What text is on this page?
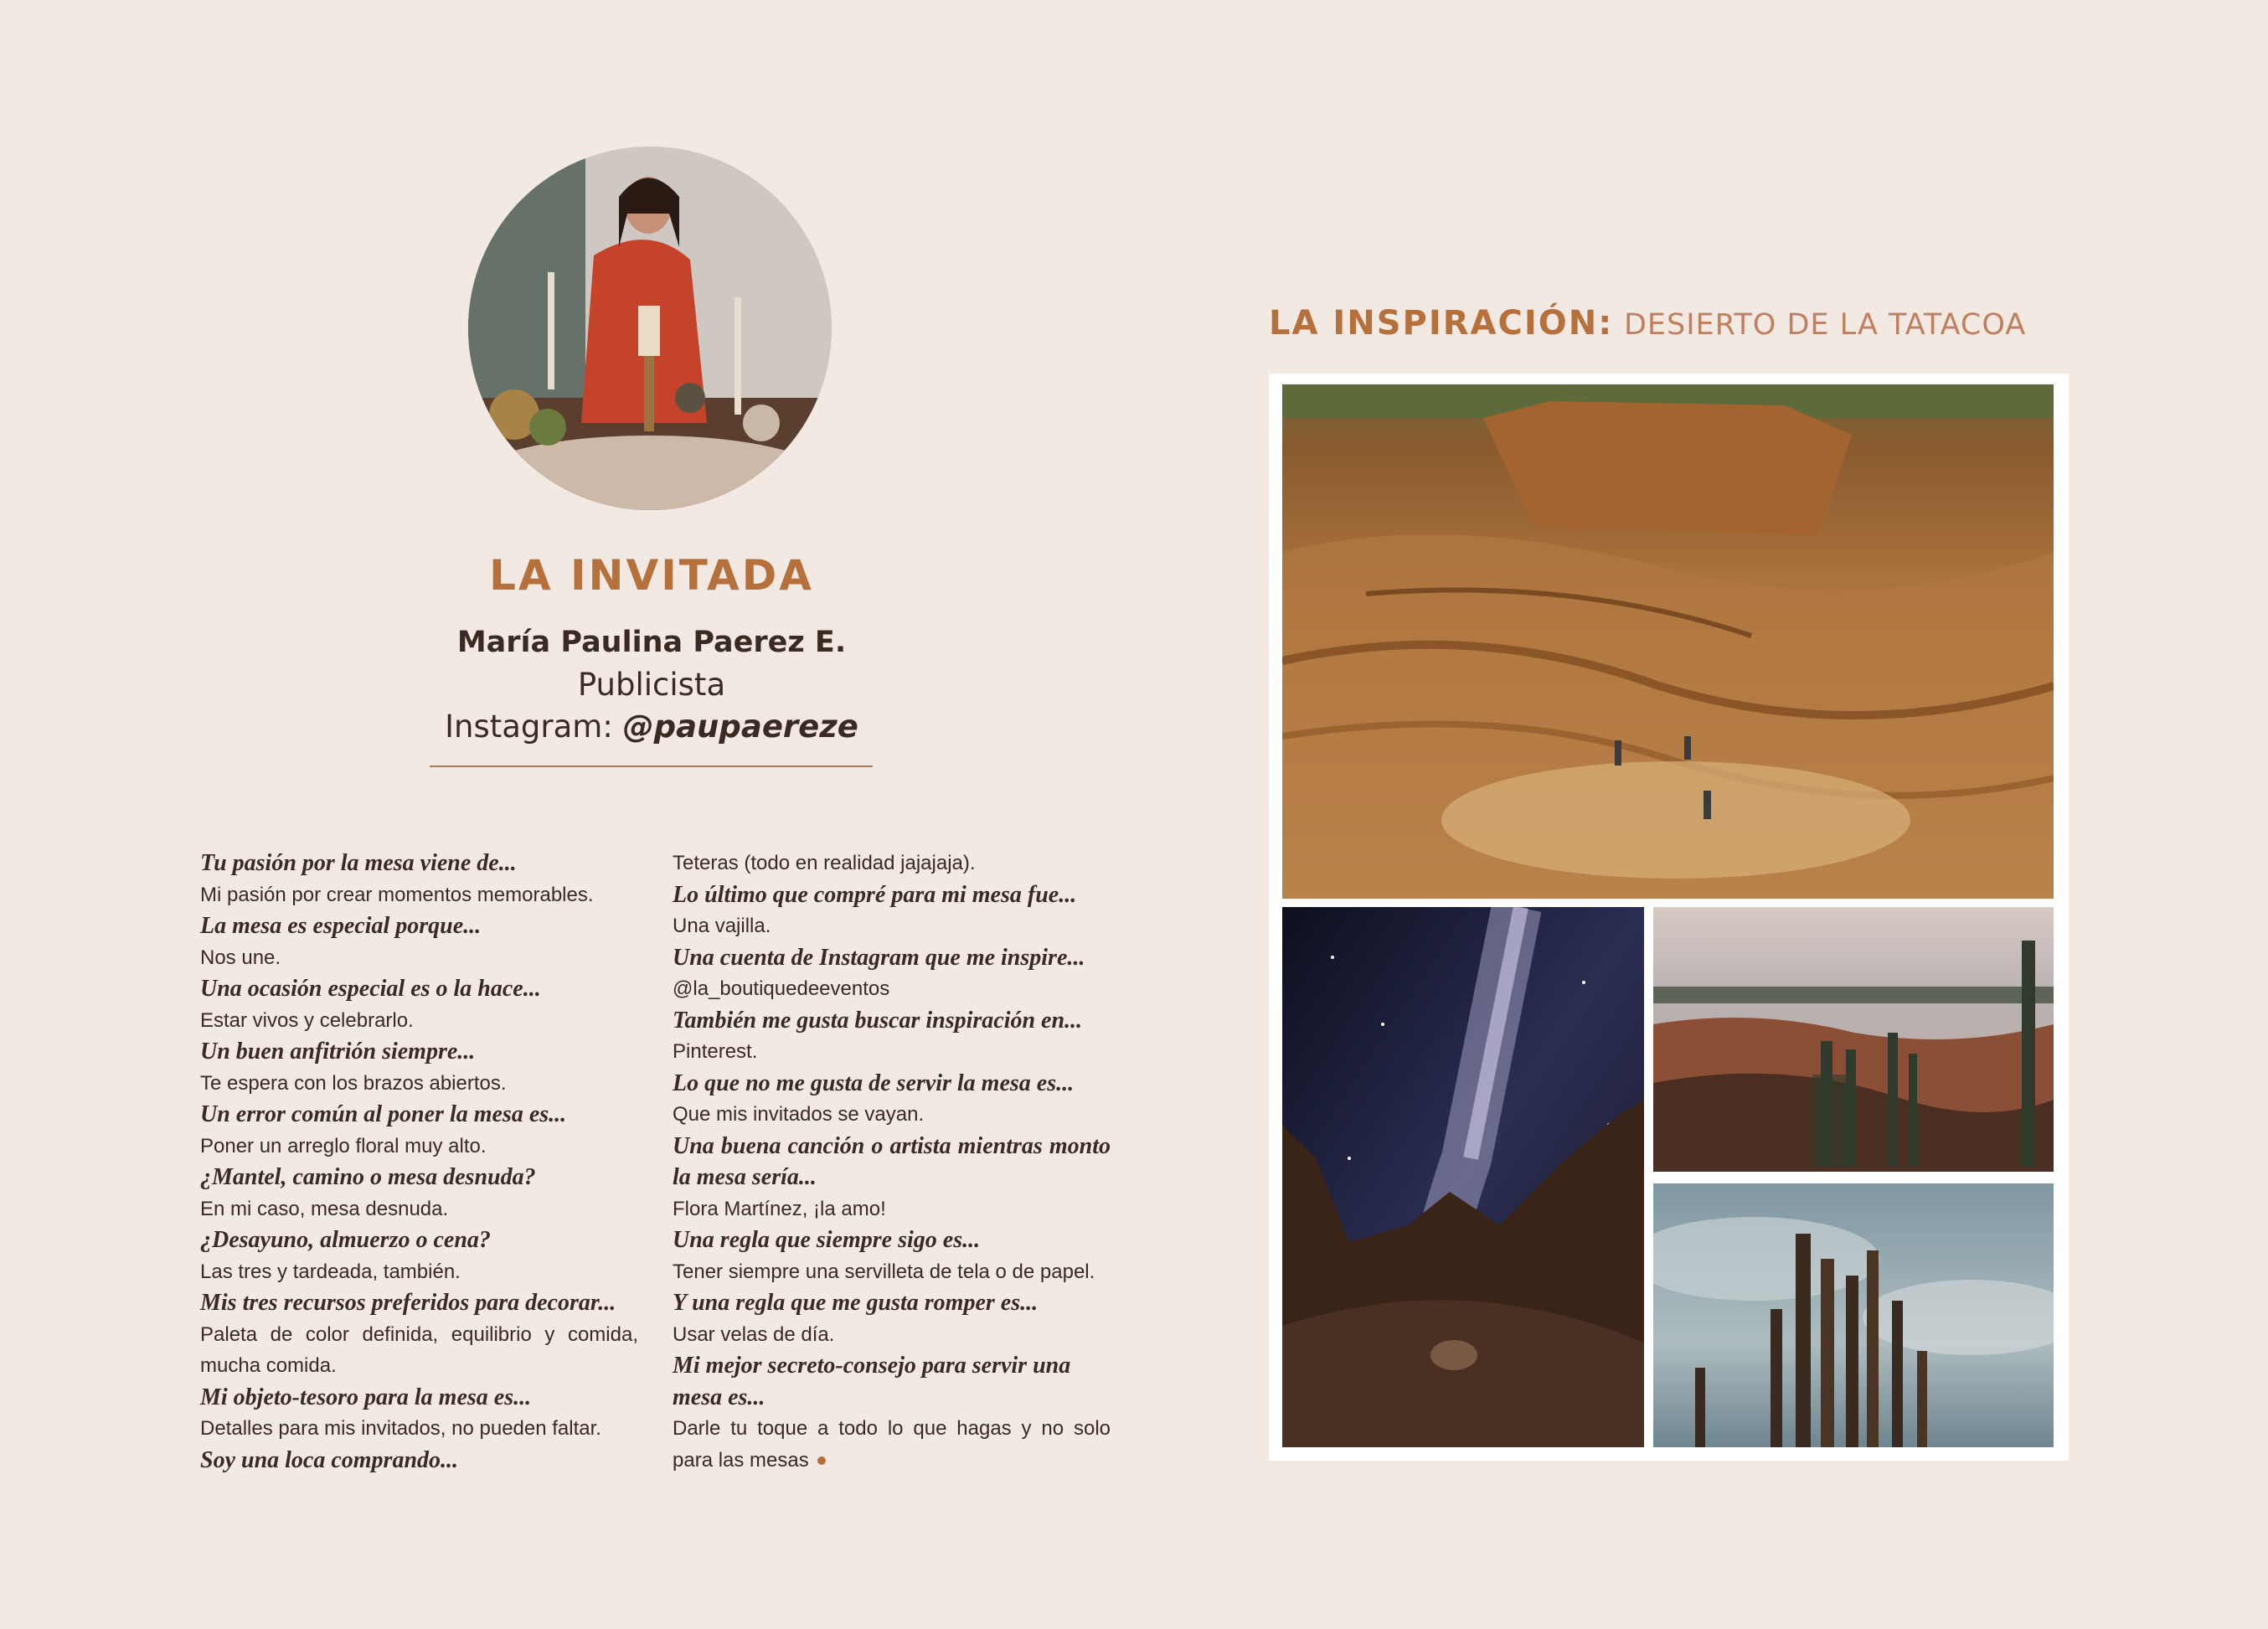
LA INVITADA
María Paulina Paerez E.
Publicista
Instagram: @paupaereze

Tu pasión por la mesa viene de...

Mi pasión por crear momentos memorables.

La mesa es especial porque...

Nos une.

Una ocasión especial es o la hace...

Estar vivos y celebrarlo.

Un buen anfitrión siempre...

Te espera con los brazos abiertos.

Un error común al poner la mesa es...

Poner un arreglo floral muy alto.

¿Mantel, camino o mesa desnuda?

En mi caso, mesa desnuda.

¿Desayuno, almuerzo o cena?

Las tres y tardeada, también.

Mis tres recursos preferidos para decorar...

Paleta de color definida, equilibrio y comida, mucha comida.

Mi objeto-tesoro para la mesa es...

Detalles para mis invitados, no pueden faltar.

Soy una loca comprando...

Teteras (todo en realidad jajajaja).

Lo último que compré para mi mesa fue...

Una vajilla.

Una cuenta de Instagram que me inspire...

@la_boutiquedeeventos

También me gusta buscar inspiración en...

Pinterest.

Lo que no me gusta de servir la mesa es...

Que mis invitados se vayan.

Una buena canción o artista mientras monto la mesa sería...

Flora Martínez, ¡la amo!

Una regla que siempre sigo es...

Tener siempre una servilleta de tela o de papel.

Y una regla que me gusta romper es...

Usar velas de día.

Mi mejor secreto-consejo para servir una mesa es...

Darle tu toque a todo lo que hagas y no solo para las mesas

LA INSPIRACIÓN: DESIERTO DE LA TATACOA
